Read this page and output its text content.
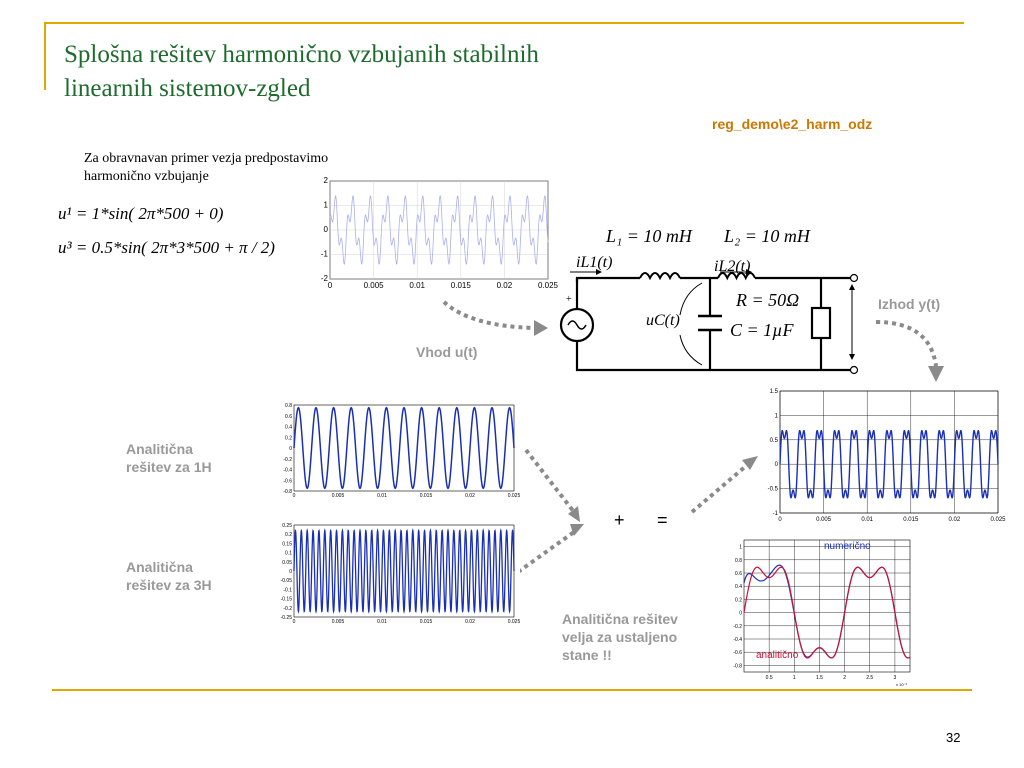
Splošna rešitev harmonično vzbujanih stabilnih
linearnih sistemov-zgled
reg_demo\e2_harm_odz
Za obravnavan primer vezja predpostavimo
harmonično vzbujanje
u¹ = 1*sin( 2π*500 + 0)
u³ = 0.5*sin( 2π*3*500 + π / 2)
2
1
0
-1
-2
0	0.005	0.01	0.015	0.02	0.025
Vhod u(t)
+
L₁ = 10 mH L₂ = 10 mH
iL1(t)	iL2(t)
R = 50Ω
C = 1µF
uC(t)
Izhod y(t)
0.8
0.6
0.4
0.2
0
-0.2
-0.4
-0.6
-0.8
0	0.005	0.01	0.015	0.02	0.025
Analitična
rešitev za 1H
0.25
0.2
0.15
0.1
0.05
0
-0.05
-0.1
-0.15
-0.2
-0.25
0	0.005	0.01	0.015	0.02	0.025
Analitična
rešitev za 3H
+ =
1.5
1
0.5
0
-0.5
-1
0	0.005	0.01	0.015	0.02	0.025
1
0.8
0.6
0.4
0.2
0
-0.2
-0.4
-0.6
-0.8
0.5	1	1.5	2	2.5	3
x 10⁻³
numerično
analitično
Analitična rešitev
velja za ustaljeno
stane !!
32
